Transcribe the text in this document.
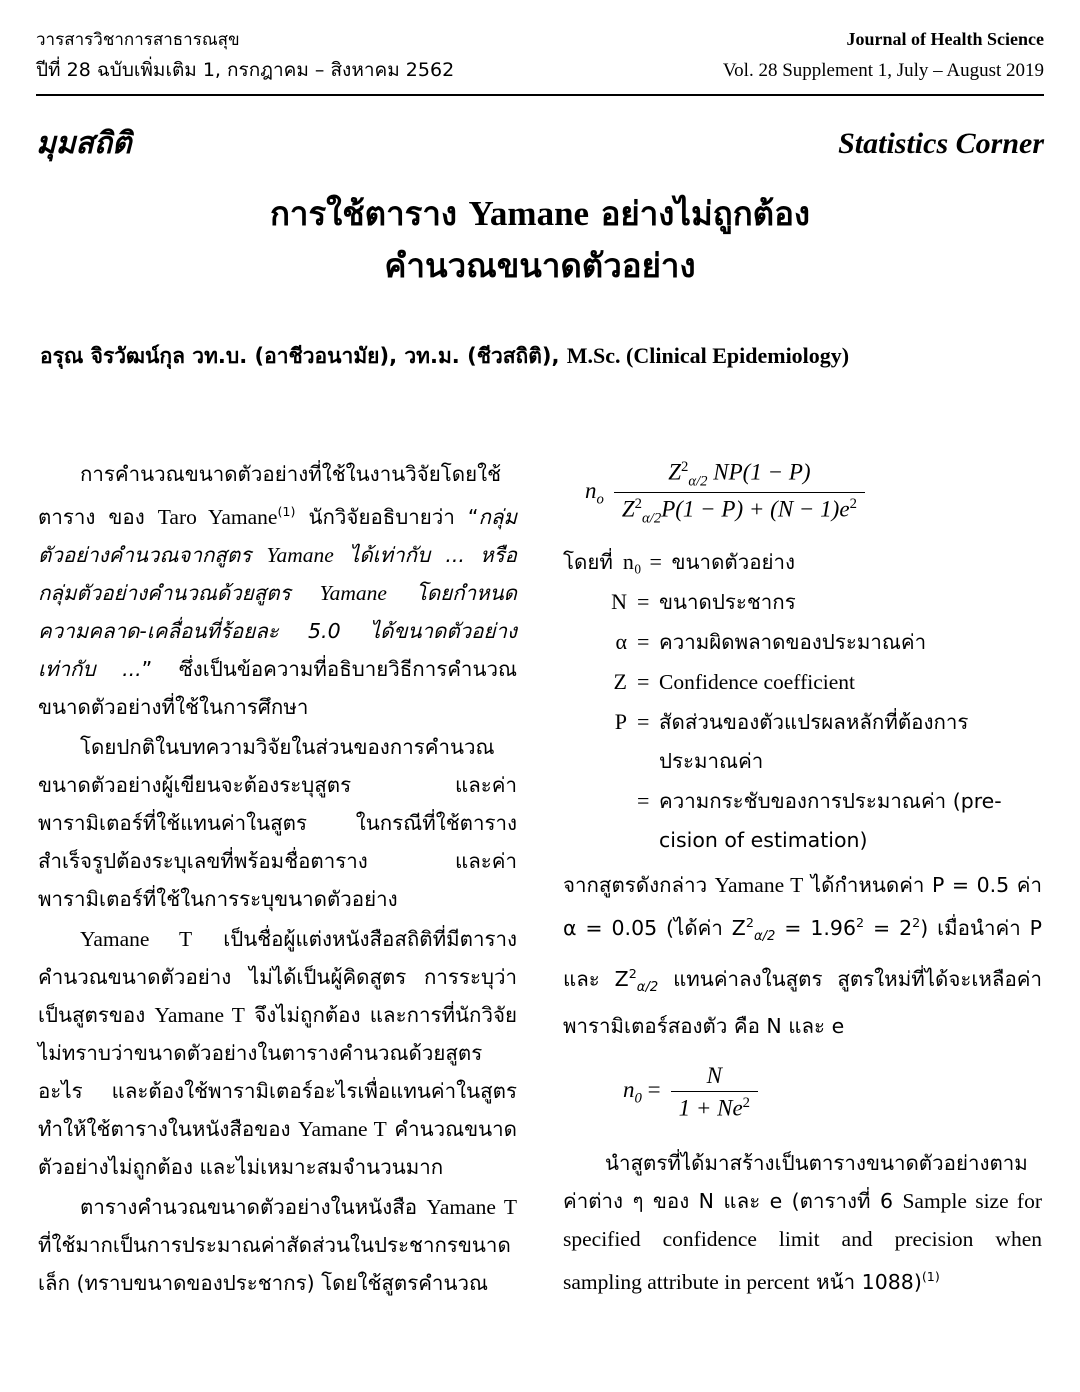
วารสารวิชาการสาธารณสุข	Journal of Health Science
ปีที่ 28 ฉบับเพิ่มเติม 1, กรกฎาคม – สิงหาคม 2562	Vol. 28 Supplement 1, July – August 2019
มุมสถิติ	Statistics Corner
การใช้ตาราง Yamane อย่างไม่ถูกต้อง
คำนวณขนาดตัวอย่าง
อรุณ จิรวัฒน์กุล วท.บ. (อาชีวอนามัย), วท.ม. (ชีวสถิติ), M.Sc. (Clinical Epidemiology)

การคำนวณขนาดตัวอย่างที่ใช้ในงานวิจัยโดยใช้ตาราง ของ Taro Yamane$^{(1)}$ นักวิจัยอธิบายว่า “กลุ่มตัวอย่างคำนวณจากสูตร Yamane ได้เท่ากับ ... หรือ กลุ่มตัวอย่างคำนวณด้วยสูตร Yamane โดยกำหนดความคลาด-เคลื่อนที่ร้อยละ 5.0 ได้ขนาดตัวอย่างเท่ากับ ...” ซึ่งเป็นข้อความที่อธิบายวิธีการคำนวณขนาดตัวอย่างที่ใช้ในการศึกษา

โดยปกติในบทความวิจัยในส่วนของการคำนวณขนาดตัวอย่างผู้เขียนจะต้องระบุสูตร และค่าพารามิเตอร์ที่ใช้แทนค่าในสูตร ในกรณีที่ใช้ตารางสำเร็จรูปต้องระบุเลขที่พร้อมชื่อตาราง และค่าพารามิเตอร์ที่ใช้ในการระบุขนาดตัวอย่าง

Yamane T เป็นชื่อผู้แต่งหนังสือสถิติที่มีตารางคำนวณขนาดตัวอย่าง ไม่ได้เป็นผู้คิดสูตร การระบุว่าเป็นสูตรของ Yamane T จึงไม่ถูกต้อง และการที่นักวิจัยไม่ทราบว่าขนาดตัวอย่างในตารางคำนวณด้วยสูตรอะไร และต้องใช้พารามิเตอร์อะไรเพื่อแทนค่าในสูตร ทำให้ใช้ตารางในหนังสือของ Yamane T คำนวณขนาดตัวอย่างไม่ถูกต้อง และไม่เหมาะสมจำนวนมาก

ตารางคำนวณขนาดตัวอย่างในหนังสือ Yamane T ที่ใช้มากเป็นการประมาณค่าสัดส่วนในประชากรขนาดเล็ก (ทราบขนาดของประชากร) โดยใช้สูตรคำนวณ

$n_o \frac{Z^2_{\alpha/2} NP(1 - P)}{Z^2_{\alpha/2}P(1 - P) + (N - 1)e^2}$
โดยที่ n₀ = ขนาดตัวอย่าง
N = ขนาดประชากร
α = ความผิดพลาดของประมาณค่า
Z = Confidence coefficient
P = สัดส่วนของตัวแปรผลหลักที่ต้องการประมาณค่า
= ความกระชับของการประมาณค่า (pre-cision of estimation)

จากสูตรดังกล่าว Yamane T ได้กำหนดค่า P = 0.5 ค่า α = 0.05 (ได้ค่า $Z^2_{\alpha/2} = 1.96^2 = 2^2$) เมื่อนำค่า P และ $Z^2_{\alpha/2}$ แทนค่าลงในสูตร สูตรใหม่ที่ได้จะเหลือค่าพารามิเตอร์สองตัว คือ N และ e

$n_0 = \frac{N}{1 + Ne^2}$

นำสูตรที่ได้มาสร้างเป็นตารางขนาดตัวอย่างตามค่าต่าง ๆ ของ N และ e (ตารางที่ 6 Sample size for specified confidence limit and precision when sampling attribute in percent หน้า 1088)$^{(1)}$
